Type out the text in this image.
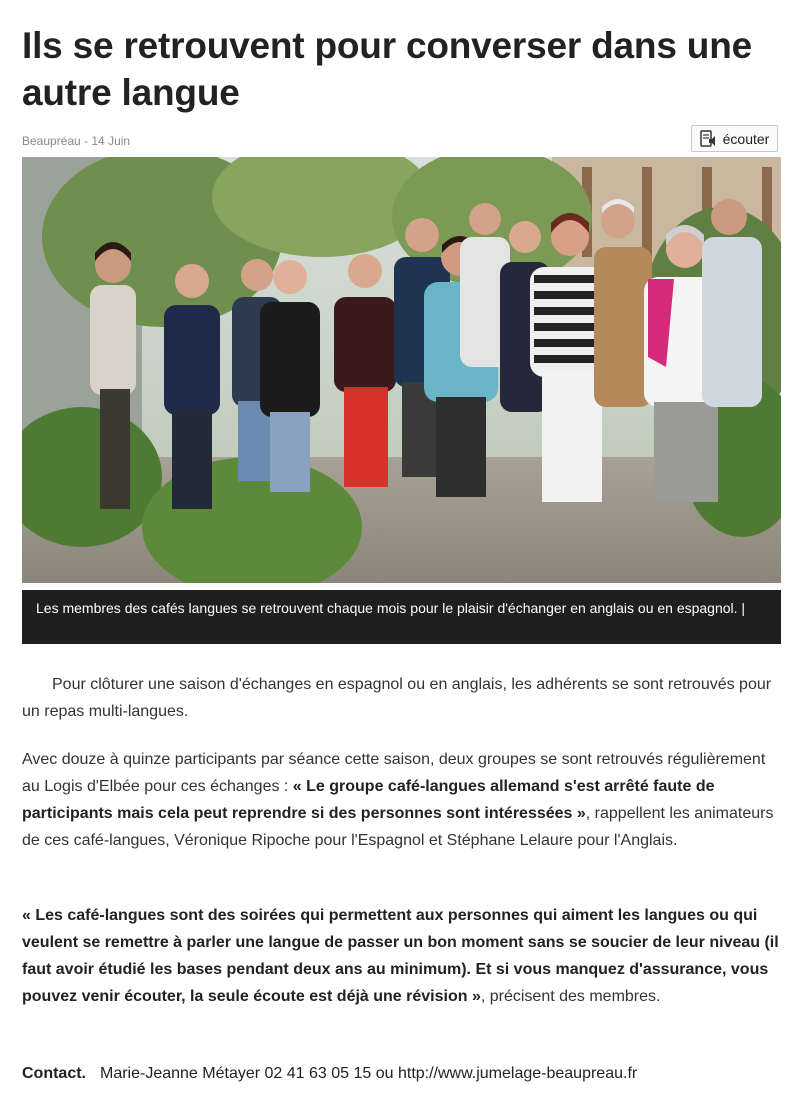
Ils se retrouvent pour converser dans une autre langue
Beaupréau - 14 Juin	écouter
Les membres des cafés langues se retrouvent chaque mois pour le plaisir d'échanger en anglais ou en espagnol. |

Pour clôturer une saison d'échanges en espagnol ou en anglais, les adhérents se sont retrouvés pour un repas multi-langues.

Avec douze à quinze participants par séance cette saison, deux groupes se sont retrouvés régulièrement au Logis d'Elbée pour ces échanges : « Le groupe café-langues allemand s'est arrêté faute de participants mais cela peut reprendre si des personnes sont intéressées », rappellent les animateurs de ces café-langues, Véronique Ripoche pour l'Espagnol et Stéphane Lelaure pour l'Anglais.

« Les café-langues sont des soirées qui permettent aux personnes qui aiment les langues ou qui veulent se remettre à parler une langue de passer un bon moment sans se soucier de leur niveau (il faut avoir étudié les bases pendant deux ans au minimum). Et si vous manquez d'assurance, vous pouvez venir écouter, la seule écoute est déjà une révision », précisent des membres.

Contact. Marie-Jeanne Métayer 02 41 63 05 15 ou http://www.jumelage-beaupreau.fr
